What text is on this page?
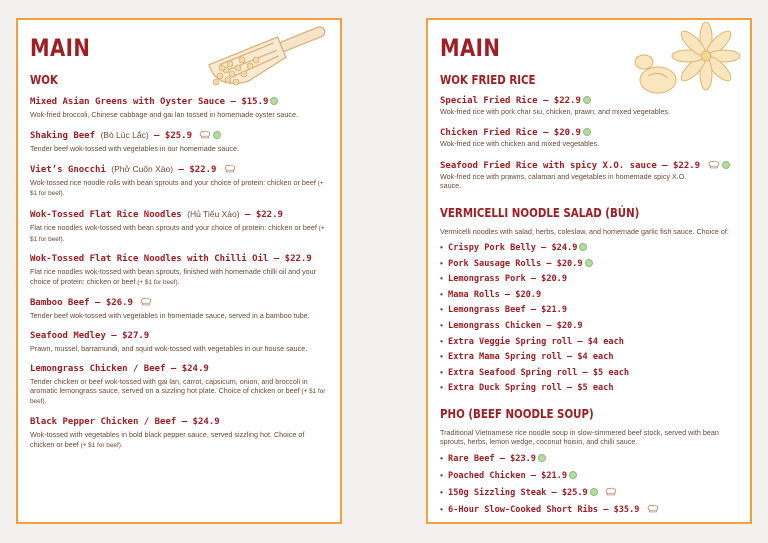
MAIN
WOK
Mixed Asian Greens with Oyster Sauce – $15.9
Wok-fried broccoli, Chinese cabbage and gai lan tossed in homemade oyster sauce.
Shaking Beef (Bò Lúc Lắc) – $25.9
Tender beef wok-tossed with vegetables in our homemade sauce.
Viet’s Gnocchi (Phở Cuốn Xào) – $22.9
Wok-tossed rice noodle rolls with bean sprouts and your choice of protein: chicken or beef (+ $1 for beef).
Wok-Tossed Flat Rice Noodles (Hủ Tiếu Xào) – $22.9
Flat rice noodles wok-tossed with bean sprouts and your choice of protein: chicken or beef (+ $1 for beef).
Wok-Tossed Flat Rice Noodles with Chilli Oil – $22.9
Flat rice noodles wok-tossed with bean sprouts, finished with homemade chilli oil and your choice of protein: chicken or beef (+ $1 for beef).
Bamboo Beef – $26.9
Tender beef wok-tossed with vegetables in homemade sauce, served in a bamboo tube.
Seafood Medley – $27.9
Prawn, mussel, barramundi, and squid wok-tossed with vegetables in our house sauce.
Lemongrass Chicken / Beef – $24.9
Tender chicken or beef wok-tossed with gai lan, carrot, capsicum, onion, and broccoli in aromatic lemongrass sauce, served on a sizzling hot plate. Choice of chicken or beef (+ $1 for beef).
Black Pepper Chicken / Beef – $24.9
Wok-tossed with vegetables in bold black pepper sauce, served sizzling hot. Choice of chicken or beef (+ $1 for beef).
MAIN
WOK FRIED RICE
Special Fried Rice – $22.9
Wok-fried rice with pork char siu, chicken, prawn, and mixed vegetables.
Chicken Fried Rice – $20.9
Wok-fried rice with chicken and mixed vegetables.
Seafood Fried Rice with spicy X.O. sauce – $22.9
Wok-fried rice with prawns, calamari and vegetables in homemade spicy X.O. sauce.
VERMICELLI NOODLE SALAD (BÚN)
Vermicelli noodles with salad, herbs, coleslaw, and homemade garlic fish sauce. Choice of:
• Crispy Pork Belly – $24.9
• Pork Sausage Rolls – $20.9
• Lemongrass Pork – $20.9
• Mama Rolls – $20.9
• Lemongrass Beef – $21.9
• Lemongrass Chicken – $20.9
• Extra Veggie Spring roll – $4 each
• Extra Mama Spring roll – $4 each
• Extra Seafood Spring roll – $5 each
• Extra Duck Spring roll – $5 each
PHO (BEEF NOODLE SOUP)
Traditional Vietnamese rice noodle soup in slow-simmered beef stock, served with bean sprouts, herbs, lemon wedge, coconut hoisin, and chilli sauce.
• Rare Beef – $23.9
• Poached Chicken – $21.9
• 150g Sizzling Steak – $25.9
• 6-Hour Slow-Cooked Short Ribs – $35.9
